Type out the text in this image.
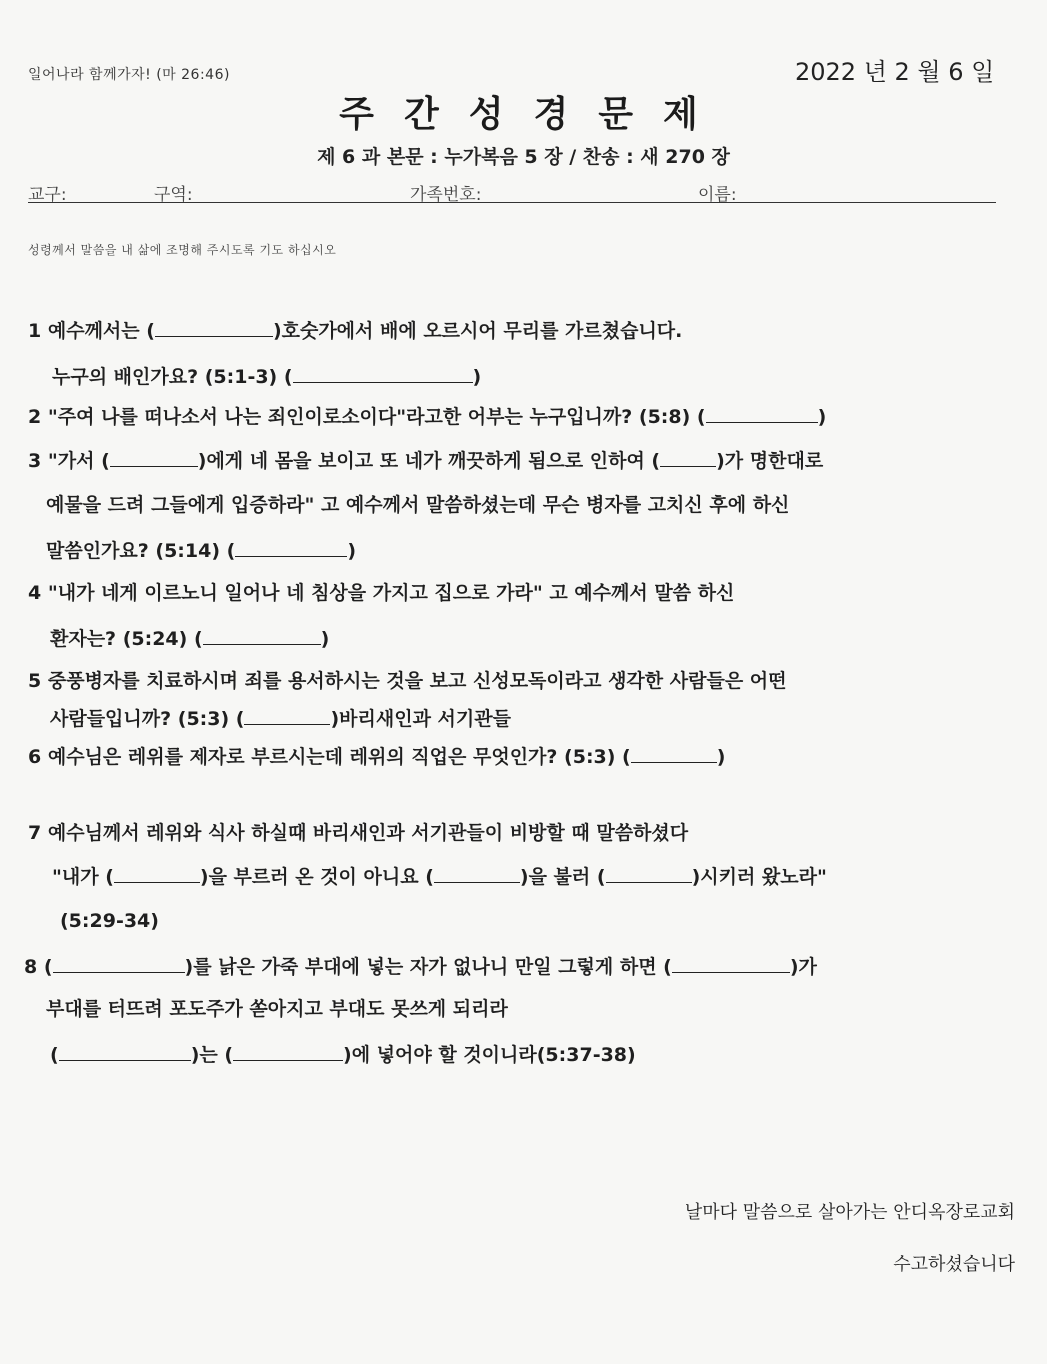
일어나라 함께가자! (마 26:46)	2022 년 2 월 6 일
주간성경문제
제 6 과 본문 : 누가복음 5 장 / 찬송 : 새 270 장
교구:	구역:	가족번호:	이름:
성령께서 말씀을 내 삶에 조명해 주시도록 기도 하십시오
1 예수께서는 (	)호숫가에서 배에 오르시어 무리를 가르쳤습니다.
누구의 배인가요? (5:1-3) (	)
2 "주여 나를 떠나소서 나는 죄인이로소이다"라고한 어부는 누구입니까? (5:8) (	)
3 "가서 (	)에게 네 몸을 보이고 또 네가 깨끗하게 됨으로 인하여 (	)가 명한대로
예물을 드려 그들에게 입증하라" 고 예수께서 말씀하셨는데 무슨 병자를 고치신 후에 하신
말씀인가요? (5:14) (	)
4 "내가 네게 이르노니 일어나 네 침상을 가지고 집으로 가라" 고 예수께서 말씀 하신
환자는? (5:24) (	)
5 중풍병자를 치료하시며 죄를 용서하시는 것을 보고 신성모독이라고 생각한 사람들은 어떤
사람들입니까? (5:3) (	)바리새인과 서기관들
6 예수님은 레위를 제자로 부르시는데 레위의 직업은 무엇인가? (5:3) (	)
7 예수님께서 레위와 식사 하실때 바리새인과 서기관들이 비방할 때 말씀하셨다
"내가 (	)을 부르러 온 것이 아니요 (	)을 불러 (	)시키러 왔노라"
(5:29-34)
8 (	)를 낡은 가죽 부대에 넣는 자가 없나니 만일 그렇게 하면 (	)가
부대를 터뜨려 포도주가 쏟아지고 부대도 못쓰게 되리라
(	)는 (	)에 넣어야 할 것이니라(5:37-38)
날마다 말씀으로 살아가는 안디옥장로교회
수고하셨습니다
